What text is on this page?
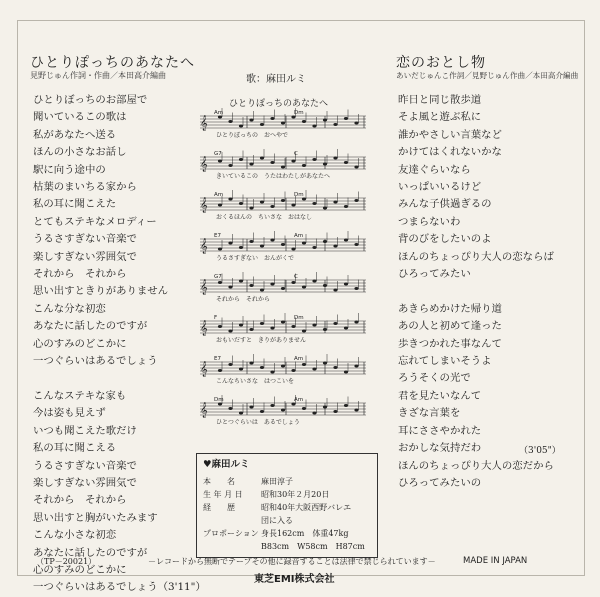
ひとりぽっちのあなたへ
見野じゅん作詞・作曲／本田高介編曲
ひとりぼっちのお部屋で
聞いているこの歌は
私があなたへ送る
ほんの小さなお話し
駅に向う途中の
枯葉のまいちる家から
私の耳に聞こえた
とてもステキなメロディー
うるさすぎない音楽で
楽しすぎない雰囲気で
それから　それから
思い出すときりがありません
こんな分な初恋
あなたに話したのですが
心のすみのどこかに
一つぐらいはあるでしょう
こんなステキな家も
今は姿も見えず
いつも聞こえた歌だけ
私の耳に聞こえる
うるさすぎない音楽で
楽しすぎない雰囲気で
それから　それから
思い出すと胸がいたみます
こんな小さな初恋
あなたに話したのですが
心のすみのどこかに
一つぐらいはあるでしょう（3'11"）
歌：麻田ルミ
ひとりぽっちのあなたへ
𝄞
Am	Dm
ひとりぼっちの　おへやで
𝄞
G7	C
きいているこの　うたはわたしがあなたへ
𝄞
Am	Dm
おくるほんの　ちいさな　おはなし
𝄞
E7	Am
うるさすぎない　おんがくで
𝄞
G7	C
それから　それから
𝄞
F	Dm
おもいだすと　きりがありません
𝄞
E7	Am
こんなちいさな　はつこいを
𝄞
Dm	Am
ひとつぐらいは　あるでしょう
♥麻田ルミ
本　　名	麻田淳子
生 年 月 日	昭和30年２月20日
経　　歴	昭和40年大阪西野バレエ
団に入る
プロポーション 身長162cm　体重47kg
B83cm　W58cm　H87cm
恋のおとし物
あいだじゅんこ作詞／見野じゅん作曲／本田高介編曲
昨日と同じ散歩道
そよ風と遊ぶ私に
誰かやさしい言葉など
かけてはくれないかな
友達ぐらいなら
いっぱいいるけど
みんな子供過ぎるの
つまらないわ
背のびをしたいのよ
ほんのちょっぴり大人の恋ならば
ひろってみたい
あきらめかけた帰り道
あの人と初めて逢った
歩きつかれた事なんて
忘れてしまいそうよ
ろうそくの光で
君を見たいなんて
きざな言葉を
耳にささやかれた
おかしな気持だわ
ほんのちょっぴり大人の恋だから
ひろってみたいの
（3'05"）
（TP－20021）	－レコードから無断でテープその他に録音することは法律で禁じられています－	MADE IN JAPAN
東芝EMI株式会社
